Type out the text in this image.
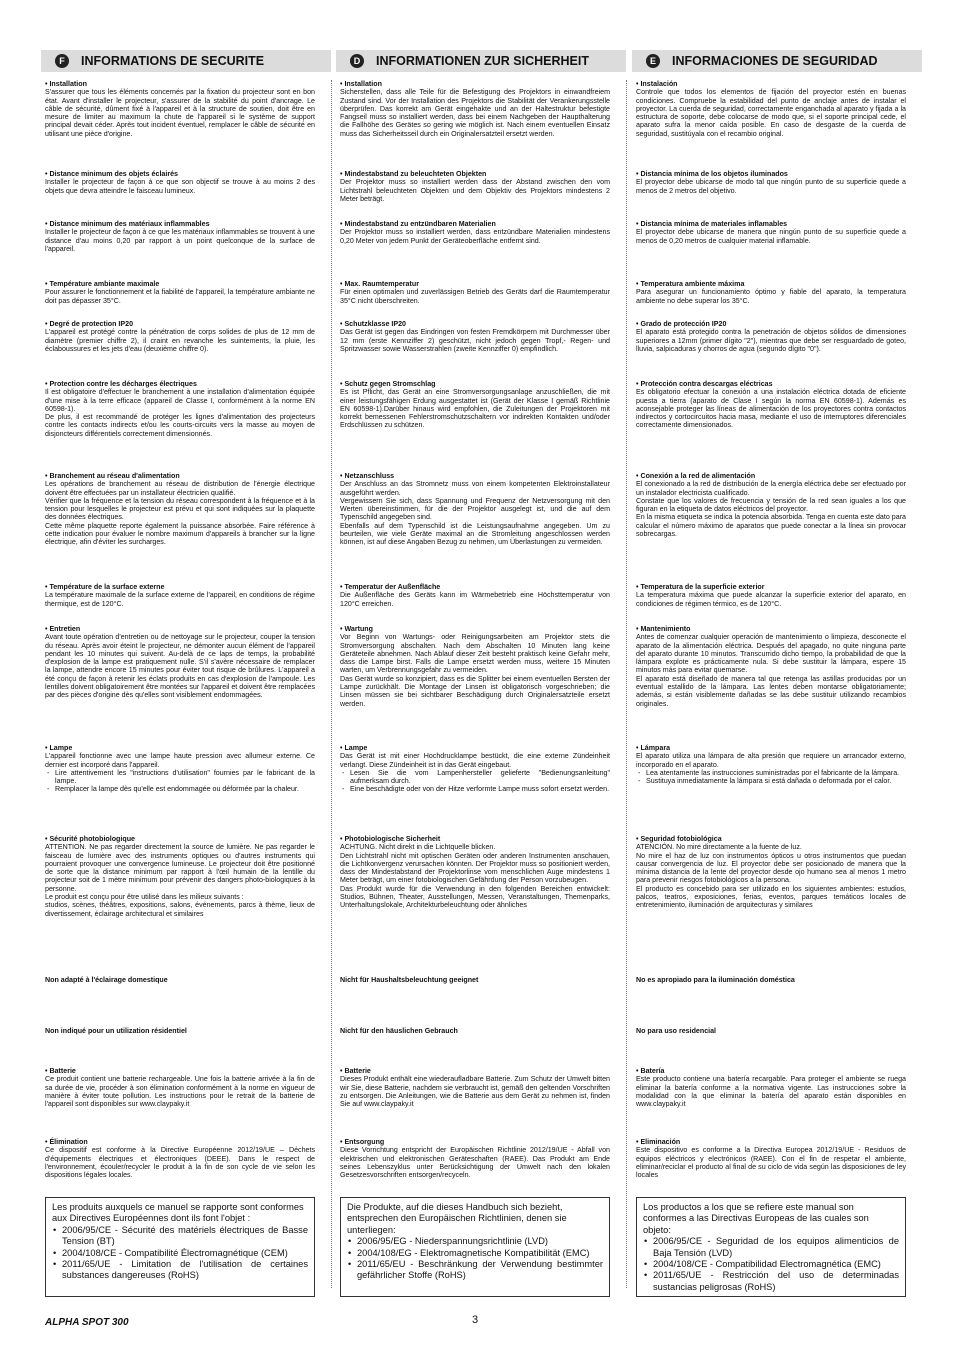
F	INFORMATIONS DE SECURITE
• Installation

S'assurer que tous les éléments concernés par la fixation du projecteur sont en bon état. Avant d'installer le projecteur, s'assurer de la stabilité du point d'ancrage. Le câble de sécurité, dûment fixé à l'appareil et à la structure de soutien, doit être en mesure de limiter au maximum la chute de l'appareil si le système de support principal devait céder. Après tout incident éventuel, remplacer le câble de sécurité en utilisant une pièce d'origine.

• Distance minimum des objets éclairés

Installer le projecteur de façon à ce que son objectif se trouve à au moins 2 des objets que devra atteindre le faisceau lumineux.

• Distance minimum des matériaux inflammables

Installer le projecteur de façon à ce que les matériaux inflammables se trouvent à une distance d'au moins 0,20 par rapport à un point quelconque de la surface de l'appareil.

• Température ambiante maximale

Pour assurer le fonctionnement et la fiabilité de l'appareil, la température ambiante ne doit pas dépasser 35°C.

• Degré de protection IP20

L'appareil est protégé contre la pénétration de corps solides de plus de 12 mm de diamètre (premier chiffre 2), il craint en revanche les suintements, la pluie, les éclaboussures et les jets d'eau (deuxième chiffre 0).

• Protection contre les décharges électriques

Il est obligatoire d'effectuer le branchement à une installation d'alimentation équipée d'une mise à la terre efficace (appareil de Classe I, conformément à la norme EN 60598-1).

De plus, il est recommandé de protéger les lignes d'alimentation des projecteurs contre les contacts indirects et/ou les courts-circuits vers la masse au moyen de disjoncteurs différentiels correctement dimensionnés.

• Branchement au réseau d'alimentation

Les opérations de branchement au réseau de distribution de l'énergie électrique doivent être effectuées par un installateur électricien qualifié.

Vérifier que la fréquence et la tension du réseau correspondent à la fréquence et à la tension pour lesquelles le projecteur est prévu et qui sont indiquées sur la plaquette des données électriques.

Cette même plaquette reporte également la puissance absorbée. Faire référence à cette indication pour évaluer le nombre maximum d'appareils à brancher sur la ligne électrique, afin d'éviter les surcharges.

• Température de la surface externe

La température maximale de la surface externe de l'appareil, en conditions de régime thermique, est de 120°C.

• Entretien

Avant toute opération d'entretien ou de nettoyage sur le projecteur, couper la tension du réseau. Après avoir éteint le projecteur, ne démonter aucun élément de l'appareil pendant les 10 minutes qui suivent. Au-delà de ce laps de temps, la probabilité d'explosion de la lampe est pratiquement nulle. S'il s'avère nécessaire de remplacer la lampe, attendre encore 15 minutes pour éviter tout risque de brûlures. L'appareil a été conçu de façon à retenir les éclats produits en cas d'explosion de l'ampoule. Les lentilles doivent obligatoirement être montées sur l'appareil et doivent être remplacées par des pièces d'origine dès qu'elles sont visiblement endommagées.

• Lampe

L'appareil fonctionne avec une lampe haute pression avec allumeur externe. Ce dernier est incorporé dans l'appareil.

- Lire attentivement les "instructions d'utilisation" fournies par le fabricant de la lampe.
- Remplacer la lampe dès qu'elle est endommagée ou déformée par la chaleur.
• Sécurité photobiologique

ATTENTION. Ne pas regarder directement la source de lumière. Ne pas regarder le faisceau de lumière avec des instruments optiques ou d'autres instruments qui pourraient provoquer une convergence lumineuse. Le projecteur doit être positionné de sorte que la distance minimum par rapport à l'œil humain de la lentille du projecteur soit de 1 mètre minimum pour prévenir des dangers photo-biologiques à la personne.

Le produit est conçu pour être utilisé dans les milieux suivants :

studios, scènes, théâtres, expositions, salons, événements, parcs à thème, lieux de divertissement, éclairage architectural et similaires

• Batterie

Ce produit contient une batterie rechargeable. Une fois la batterie arrivée à la fin de sa durée de vie, procéder à son élimination conformément à la norme en vigueur de manière à éviter toute pollution. Les instructions pour le retrait de la batterie de l'appareil sont disponibles sur www.claypaky.it

• Élimination

Ce dispositif est conforme à la Directive Européenne 2012/19/UE – Déchets d'équipements électriques et électroniques (DEEE). Dans le respect de l'environnement, écouler/recycler le produit à la fin de son cycle de vie selon les dispositions légales locales.

Non adapté à l'éclairage domestique
Non indiqué pour un utilization résidentiel

Les produits auxquels ce manuel se rapporte sont conformes aux Directives Européennes dont ils font l'objet :

• 2006/95/CE - Sécurité des matériels électriques de Basse Tension (BT)
• 2004/108/CE - Compatibilité Électromagnétique (CEM)
• 2011/65/UE - Limitation de l'utilisation de certaines substances dangereuses (RoHS)
D	INFORMATIONEN ZUR SICHERHEIT
• Installation

Sicherstellen, dass alle Teile für die Befestigung des Projektors in einwandfreiem Zustand sind. Vor der Installation des Projektors die Stabilität der Verankerungsstelle überprüfen. Das korrekt am Gerät eingehakte und an der Haltestruktur befestigte Fangseil muss so installiert werden, dass bei einem Nachgeben der Haupthalterung die Fallhöhe des Gerätes so gering wie möglich ist. Nach einem eventuellen Einsatz muss das Sicherheitsseil durch ein Originalersatzteil ersetzt werden.

• Mindestabstand zu beleuchteten Objekten

Der Projektor muss so installiert werden dass der Abstand zwischen den vom Lichtstrahl beleuchteten Objekten und dem Objektiv des Projektors mindestens 2 Meter beträgt.

• Mindestabstand zu entzündbaren Materialien

Der Projektor muss so installiert werden, dass entzündbare Materialien mindestens 0,20 Meter von jedem Punkt der Geräteoberfläche entfernt sind.

• Max. Raumtemperatur

Für einen optimalen und zuverlässigen Betrieb des Geräts darf die Raumtemperatur 35°C nicht überschreiten.

• Schutzklasse IP20

Das Gerät ist gegen das Eindringen von festen Fremdkörpern mit Durchmesser über 12 mm (erste Kennziffer 2) geschützt, nicht jedoch gegen Tropf,- Regen- und Spritzwasser sowie Wasserstrahlen (zweite Kennziffer 0) empfindlich.

• Schutz gegen Stromschlag

Es ist Pflicht, das Gerät an eine Stromversorgungsanlage anzuschließen, die mit einer leistungsfähigen Erdung ausgestattet ist (Gerät der Klasse I gemäß Richtlinie EN 60598-1).Darüber hinaus wird empfohlen, die Zuleitungen der Projektoren mit korrekt bemessenen Fehlerstromschutzschaltern vor indirekten Kontakten und/oder Erdschlüssen zu schützen.

• Netzanschluss

Der Anschluss an das Stromnetz muss von einem kompetenten Elektroinstallateur ausgeführt werden.

Vergewissern Sie sich, dass Spannung und Frequenz der Netzversorgung mit den Werten übereinstimmen, für die der Projektor ausgelegt ist, und die auf dem Typenschild angegeben sind.

Ebenfalls auf dem Typenschild ist die Leistungsaufnahme angegeben. Um zu beurteilen, wie viele Geräte maximal an die Stromleitung angeschlossen werden können, ist auf diese Angaben Bezug zu nehmen, um Überlastungen zu vermeiden.

• Temperatur der Außenfläche

Die Außenfläche des Geräts kann im Wärmebetrieb eine Höchsttemperatur von 120°C erreichen.

• Wartung

Vor Beginn von Wartungs- oder Reinigungsarbeiten am Projektor stets die Stromversorgung abschalten. Nach dem Abschalten 10 Minuten lang keine Geräteteile abnehmen. Nach Ablauf dieser Zeit besteht praktisch keine Gefahr mehr, dass die Lampe birst. Falls die Lampe ersetzt werden muss, weitere 15 Minuten warten, um Verbrennungsgefahr zu vermeiden.

Das Gerät wurde so konzipiert, dass es die Splitter bei einem eventuellen Bersten der Lampe zurückhält. Die Montage der Linsen ist obligatorisch vorgeschrieben; die Linsen müssen sie bei sichtbarer Beschädigung durch Originalersatzteile ersetzt werden.

• Lampe

Das Gerät ist mit einer Hochdrucklampe bestückt, die eine externe Zündeinheit verlangt. Diese Zündeinheit ist in das Gerät eingebaut.

- Lesen Sie die vom Lampenhersteller gelieferte "Bedienungsanleitung" aufmerksam durch.
- Eine beschädigte oder von der Hitze verformte Lampe muss sofort ersetzt werden.
• Photobiologische Sicherheit

ACHTUNG. Nicht direkt in die Lichtquelle blicken.

Den Lichtstrahl nicht mit optischen Geräten oder anderen Instrumenten anschauen, die Lichtkonvergenz verursachen könnten. Der Projektor muss so positioniert werden, dass der Mindestabstand der Projektorlinse vom menschlichen Auge mindestens 1 Meter beträgt, um einer fotobiologischen Gefährdung der Person vorzubeugen.

Das Produkt wurde für die Verwendung in den folgenden Bereichen entwickelt: Studios, Bühnen, Theater, Ausstellungen, Messen, Veranstaltungen, Themenparks, Unterhaltungslokale, Architekturbeleuchtung oder ähnliches

• Batterie

Dieses Produkt enthält eine wiederaufladbare Batterie. Zum Schutz der Umwelt bitten wir Sie, diese Batterie, nachdem sie verbraucht ist, gemäß den geltenden Vorschriften zu entsorgen. Die Anleitungen, wie die Batterie aus dem Gerät zu nehmen ist, finden Sie auf www.claypaky.it

• Entsorgung

Diese Vorrichtung entspricht der Europäischen Richtlinie 2012/19/UE - Abfall von elektrischen und elektronischen Geräteschaften (RAEE). Das Produkt am Ende seines Lebenszyklus unter Berücksichtigung der Umwelt nach den lokalen Gesetzesvorschriften entsorgen/recyceln.

Nicht für Haushaltsbeleuchtung geeignet
Nicht für den häuslichen Gebrauch

Die Produkte, auf die dieses Handbuch sich bezieht, entsprechen den Europäischen Richtlinien, denen sie unterliegen:

• 2006/95/EG - Niederspannungsrichtlinie (LVD)
• 2004/108/EG - Elektromagnetische Kompatibilität (EMC)
• 2011/65/EU - Beschränkung der Verwendung bestimmter gefährlicher Stoffe (RoHS)
E	INFORMACIONES DE SEGURIDAD
• Instalación

Controle que todos los elementos de fijación del proyector estén en buenas condiciones. Compruebe la estabilidad del punto de anclaje antes de instalar el proyector. La cuerda de seguridad, correctamente enganchada al aparato y fijada a la estructura de soporte, debe colocarse de modo que, si el soporte principal cede, el aparato sufra la menor caída posible. En caso de desgaste de la cuerda de seguridad, sustitúyala con el recambio original.

• Distancia mínima de los objetos iluminados

El proyector debe ubicarse de modo tal que ningún punto de su superficie quede a menos de 2 metros del objetivo.

• Distancia mínima de materiales inflamables

El proyector debe ubicarse de manera que ningún punto de su superficie quede a menos de 0,20 metros de cualquier material inflamable.

• Temperatura ambiente máxima

Para asegurar un funcionamiento óptimo y fiable del aparato, la temperatura ambiente no debe superar los 35°C.

• Grado de protección IP20

El aparato está protegido contra la penetración de objetos sólidos de dimensiones superiores a 12mm (primer dígito "2"), mientras que debe ser resguardado de goteo, lluvia, salpicaduras y chorros de agua (segundo dígito "0").

• Protección contra descargas eléctricas

Es obligatorio efectuar la conexión a una instalación eléctrica dotada de eficiente puesta a tierra (aparato de Clase I según la norma EN 60598-1). Además es aconsejable proteger las líneas de alimentación de los proyectores contra contactos indirectos y cortocircuitos hacia masa, mediante el uso de interruptores diferenciales correctamente dimensionados.

• Conexión a la red de alimentación

El conexionado a la red de distribución de la energía eléctrica debe ser efectuado por un instalador electricista cualificado.

Constate que los valores de frecuencia y tensión de la red sean iguales a los que figuran en la etiqueta de datos eléctricos del proyector.

En la misma etiqueta se indica la potencia absorbida. Tenga en cuenta este dato para calcular el número máximo de aparatos que puede conectar a la línea sin provocar sobrecargas.

• Temperatura de la superficie exterior

La temperatura máxima que puede alcanzar la superficie exterior del aparato, en condiciones de régimen térmico, es de 120°C.

• Mantenimiento

Antes de comenzar cualquier operación de mantenimiento o limpieza, desconecte el aparato de la alimentación eléctrica. Después del apagado, no quite ninguna parte del aparato durante 10 minutos. Transcurrido dicho tiempo, la probabilidad de que la lámpara explote es prácticamente nula. Si debe sustituir la lámpara, espere 15 minutos más para evitar quemarse.

El aparato está diseñado de manera tal que retenga las astillas producidas por un eventual estallido de la lámpara. Las lentes deben montarse obligatoriamente; además, si están visiblemente dañadas se las debe sustituir utilizando recambios originales.

• Lámpara

El aparato utiliza una lámpara de alta presión que requiere un arrancador externo, incorporado en el aparato.

- Lea atentamente las instrucciones suministradas por el fabricante de la lámpara.
- Sustituya inmediatamente la lámpara si está dañada o deformada por el calor.
• Seguridad fotobiológica

ATENCIÓN. No mire directamente a la fuente de luz.

No mire el haz de luz con instrumentos ópticos u otros instrumentos que puedan causar convergencia de luz. El proyector debe ser posicionado de manera que la mínima distancia de la lente del proyector desde ojo humano sea al menos 1 metro para prevenir riesgos fotobiológicos a la persona.

El producto es concebido para ser utilizado en los siguientes ambientes: estudios, palcos, teatros, exposiciones, ferias, eventos, parques temáticos locales de entretenimiento, iluminación de arquitecturas y similares

• Batería

Este producto contiene una batería recargable. Para proteger el ambiente se ruega eliminar la batería conforme a la normativa vigente. Las instrucciones sobre la modalidad con la que eliminar la batería del aparato están disponibles en www.claypaky.it

• Eliminación

Este dispositivo es conforme a la Directiva Europea 2012/19/UE - Residuos de equipos eléctricos y electrónicos (RAEE). Con el fin de respetar el ambiente, eliminar/reciclar el producto al final de su ciclo de vida según las disposiciones de ley locales

No es apropiado para la iluminación doméstica
No para uso residencial

Los productos a los que se refiere este manual son conformes a las Directivas Europeas de las cuales son objeto:

• 2006/95/CE - Seguridad de los equipos alimenticios de Baja Tensión (LVD)
• 2004/108/CE - Compatibilidad Electromagnética (EMC)
• 2011/65/UE - Restricción del uso de determinadas sustancias peligrosas (RoHS)
ALPHA SPOT 300	3
